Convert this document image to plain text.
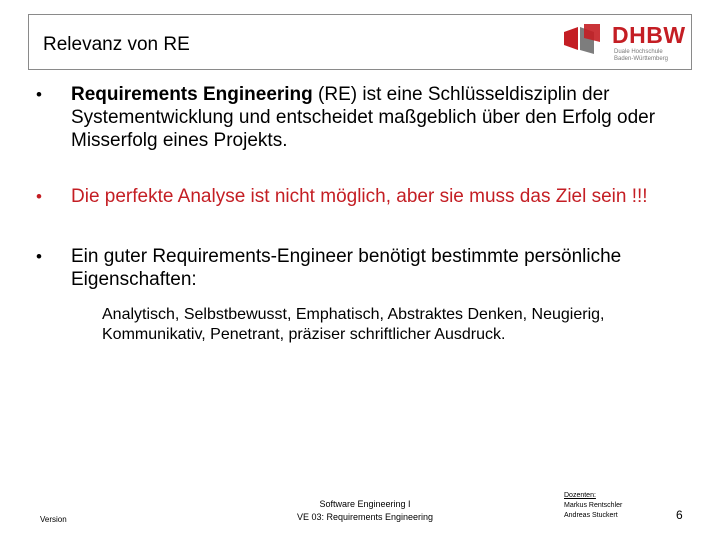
Relevanz von RE	DHBW
Duale Hochschule
Baden-Württemberg
• Requirements Engineering (RE) ist eine Schlüsseldisziplin der Systementwicklung und entscheidet maßgeblich über den Erfolg oder Misserfolg eines Projekts.
• Die perfekte Analyse ist nicht möglich, aber sie muss das Ziel sein !!!
• Ein guter Requirements-Engineer benötigt bestimmte persönliche Eigenschaften:
Analytisch, Selbstbewusst, Emphatisch, Abstraktes Denken, Neugierig, Kommunikativ, Penetrant, präziser schriftlicher Ausdruck.
Version
Software Engineering I
VE 03: Requirements Engineering
Dozenten:
Markus Rentschler
Andreas Stuckert	6
